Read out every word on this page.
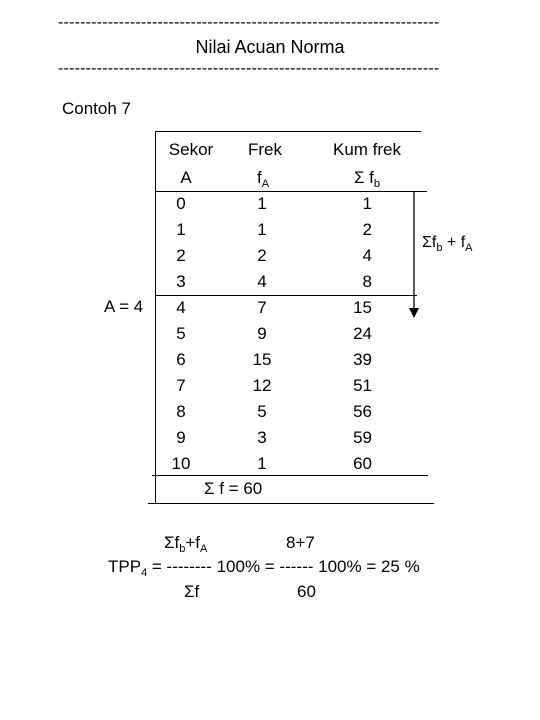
---------------------------------------------------------------------
Nilai Acuan Norma
---------------------------------------------------------------------
Contoh 7
Sekor	Frek	Kum frek
A	$f_A$	Σ $f_b$
0	1	1
1	1	2
2	2	4
3	4	8
4	7	15
5	9	24
6	15	39
7	12	51
8	5	56
9	3	59
10	1	60
Σ f = 60
A = 4
$\Sigma f_b + f_A$
$\Sigma f_b+f_A$	8+7
$TPP_4$ = -------- 100% = ------ 100% = 25 %
Σf	60
